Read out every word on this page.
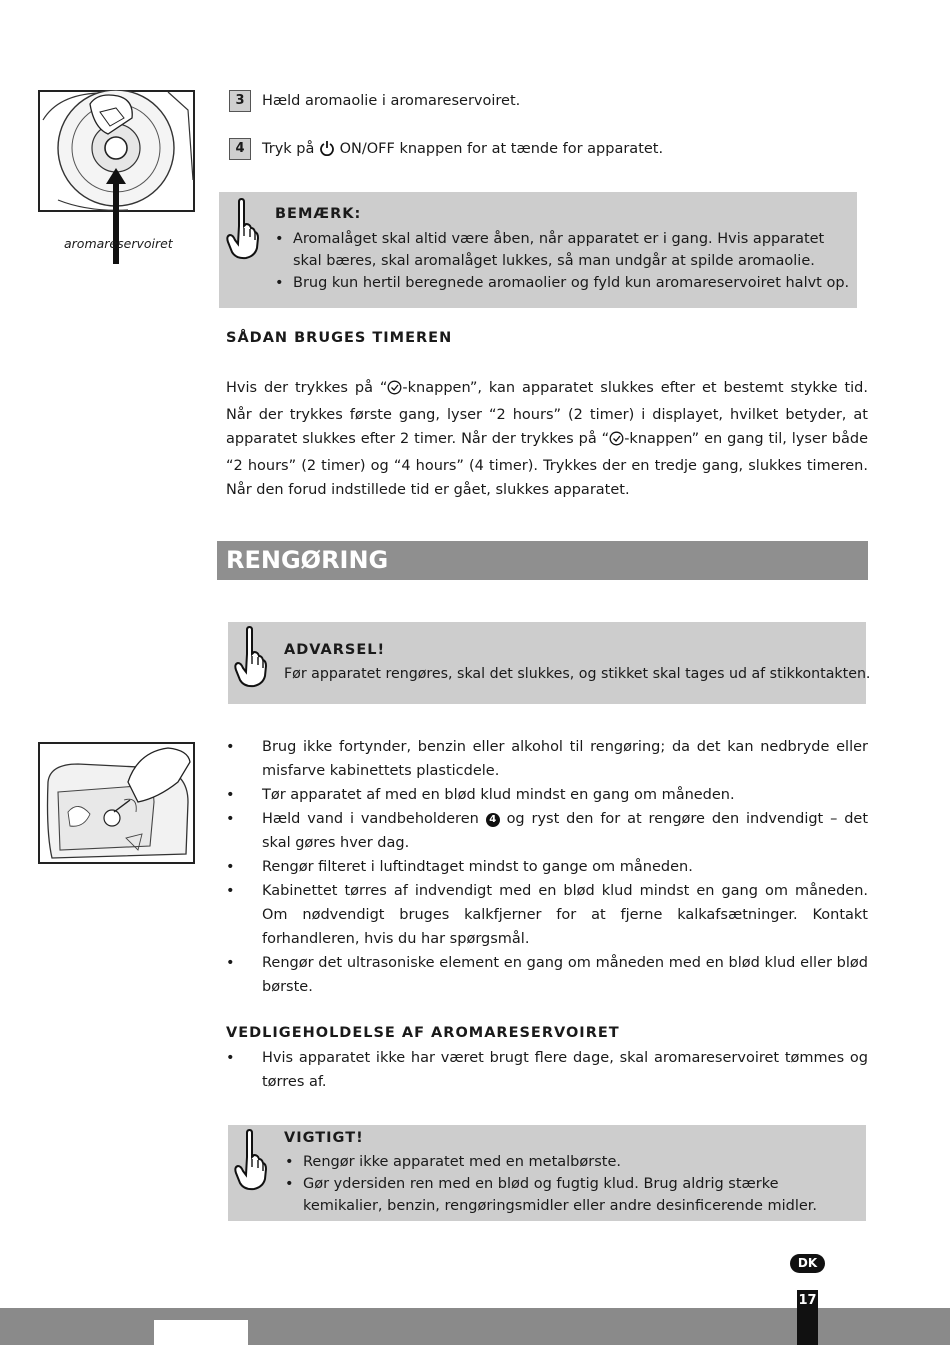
aromareservoiret
3	Hæld aromaolie i aromareservoiret.
4	Tryk på ON/OFF knappen for at tænde for apparatet.
BEMÆRK:
• Aromalåget skal altid være åben, når apparatet er i gang. Hvis apparatet skal bæres, skal aromalåget lukkes, så man undgår at spilde aromaolie.
• Brug kun hertil beregnede aromaolier og fyld kun aromareservoiret halvt op.
SÅDAN BRUGES TIMEREN
Hvis der trykkes på “ -knappen”, kan apparatet slukkes efter et bestemt stykke tid. Når der trykkes første gang, lyser “2 hours” (2 timer) i displayet, hvilket betyder, at apparatet slukkes efter 2 timer. Når der trykkes på “ -knappen” en gang til, lyser både “2 hours” (2 timer) og “4 hours” (4 timer). Trykkes der en tredje gang, slukkes timeren. Når den forud indstillede tid er gået, slukkes apparatet.
RENGØRING
ADVARSEL!
Før apparatet rengøres, skal det slukkes, og stikket skal tages ud af stikkontakten.
• Brug ikke fortynder, benzin eller alkohol til rengøring; da det kan nedbryde eller misfarve kabinettets plasticdele.
• Tør apparatet af med en blød klud mindst en gang om måneden.
• Hæld vand i vandbeholderen 4 og ryst den for at rengøre den indvendigt – det skal gøres hver dag.
• Rengør filteret i luftindtaget mindst to gange om måneden.
• Kabinettet tørres af indvendigt med en blød klud mindst en gang om måneden. Om nødvendigt bruges kalkfjerner for at fjerne kalkafsætninger. Kontakt forhandleren, hvis du har spørgsmål.
• Rengør det ultrasoniske element en gang om måneden med en blød klud eller blød børste.
VEDLIGEHOLDELSE AF AROMARESERVOIRET
• Hvis apparatet ikke har været brugt flere dage, skal aromareservoiret tømmes og tørres af.
VIGTIGT!
• Rengør ikke apparatet med en metalbørste.
• Gør ydersiden ren med en blød og fugtig klud. Brug aldrig stærke kemikalier, benzin, rengøringsmidler eller andre desinficerende midler.
DK
17
